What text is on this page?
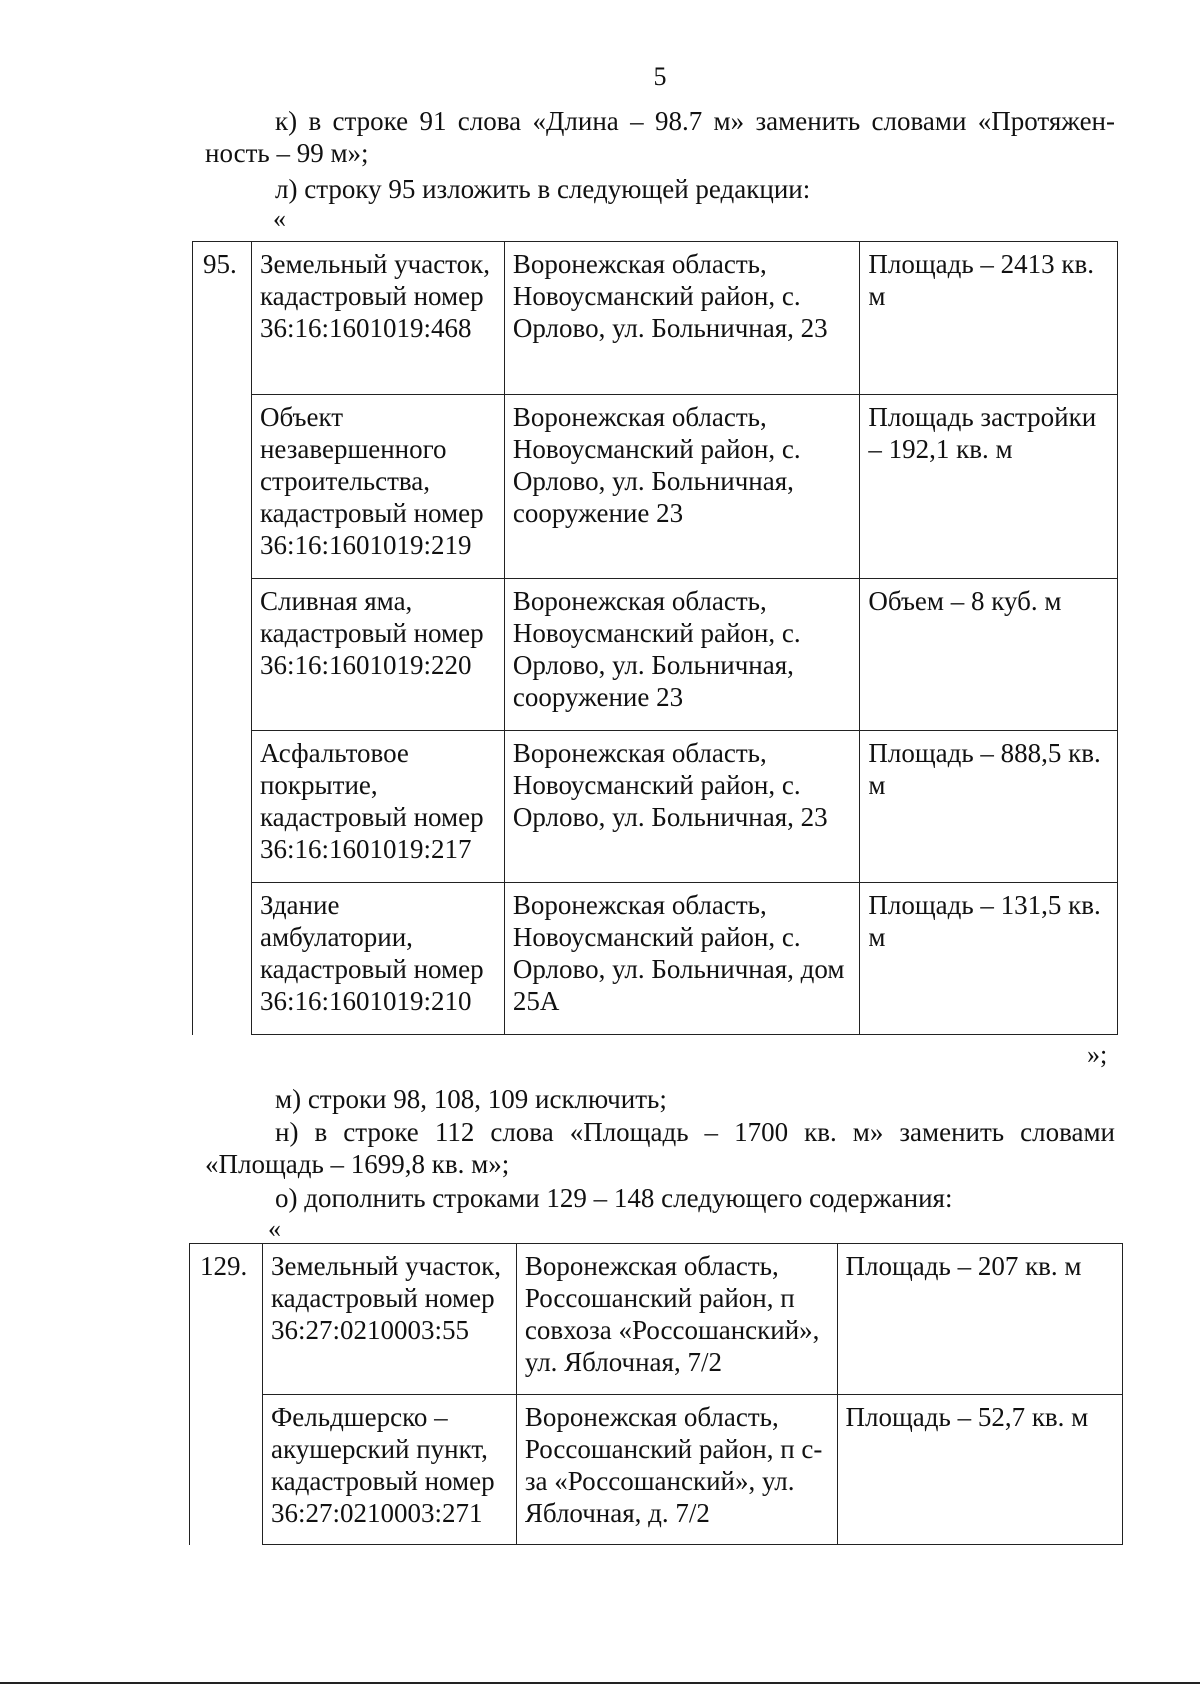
5
к) в строке 91 слова «Длина – 98.7 м» заменить словами «Протяжен-ность – 99 м»;
л) строку 95 изложить в следующей редакции:
«
95.	Земельный участок, кадастровый номер 36:16:1601019:468	Воронежская область, Новоусманский район, с. Орлово, ул. Больничная, 23	Площадь – 2413 кв. м
	Объект незавершенного строительства, кадастровый номер 36:16:1601019:219	Воронежская область, Новоусманский район, с. Орлово, ул. Больничная, сооружение 23	Площадь застройки – 192,1 кв. м
	Сливная яма, кадастровый номер 36:16:1601019:220	Воронежская область, Новоусманский район, с. Орлово, ул. Больничная, сооружение 23	Объем – 8 куб. м
	Асфальтовое покрытие, кадастровый номер 36:16:1601019:217	Воронежская область, Новоусманский район, с. Орлово, ул. Больничная, 23	Площадь – 888,5 кв. м
	Здание амбулатории, кадастровый номер 36:16:1601019:210	Воронежская область, Новоусманский район, с. Орлово, ул. Больничная, дом 25А	Площадь – 131,5 кв. м
»;
м) строки 98, 108, 109 исключить;
н) в строке 112 слова «Площадь – 1700 кв. м» заменить словами «Площадь – 1699,8 кв. м»;
о) дополнить строками 129 – 148 следующего содержания:
«
129.	Земельный участок, кадастровый номер 36:27:0210003:55	Воронежская область, Россошанский район, п совхоза «Россошанский», ул. Яблочная, 7/2	Площадь – 207 кв. м
	Фельдшерско – акушерский пункт, кадастровый номер 36:27:0210003:271	Воронежская область, Россошанский район, п с-за «Россошанский», ул. Яблочная, д. 7/2	Площадь – 52,7 кв. м
